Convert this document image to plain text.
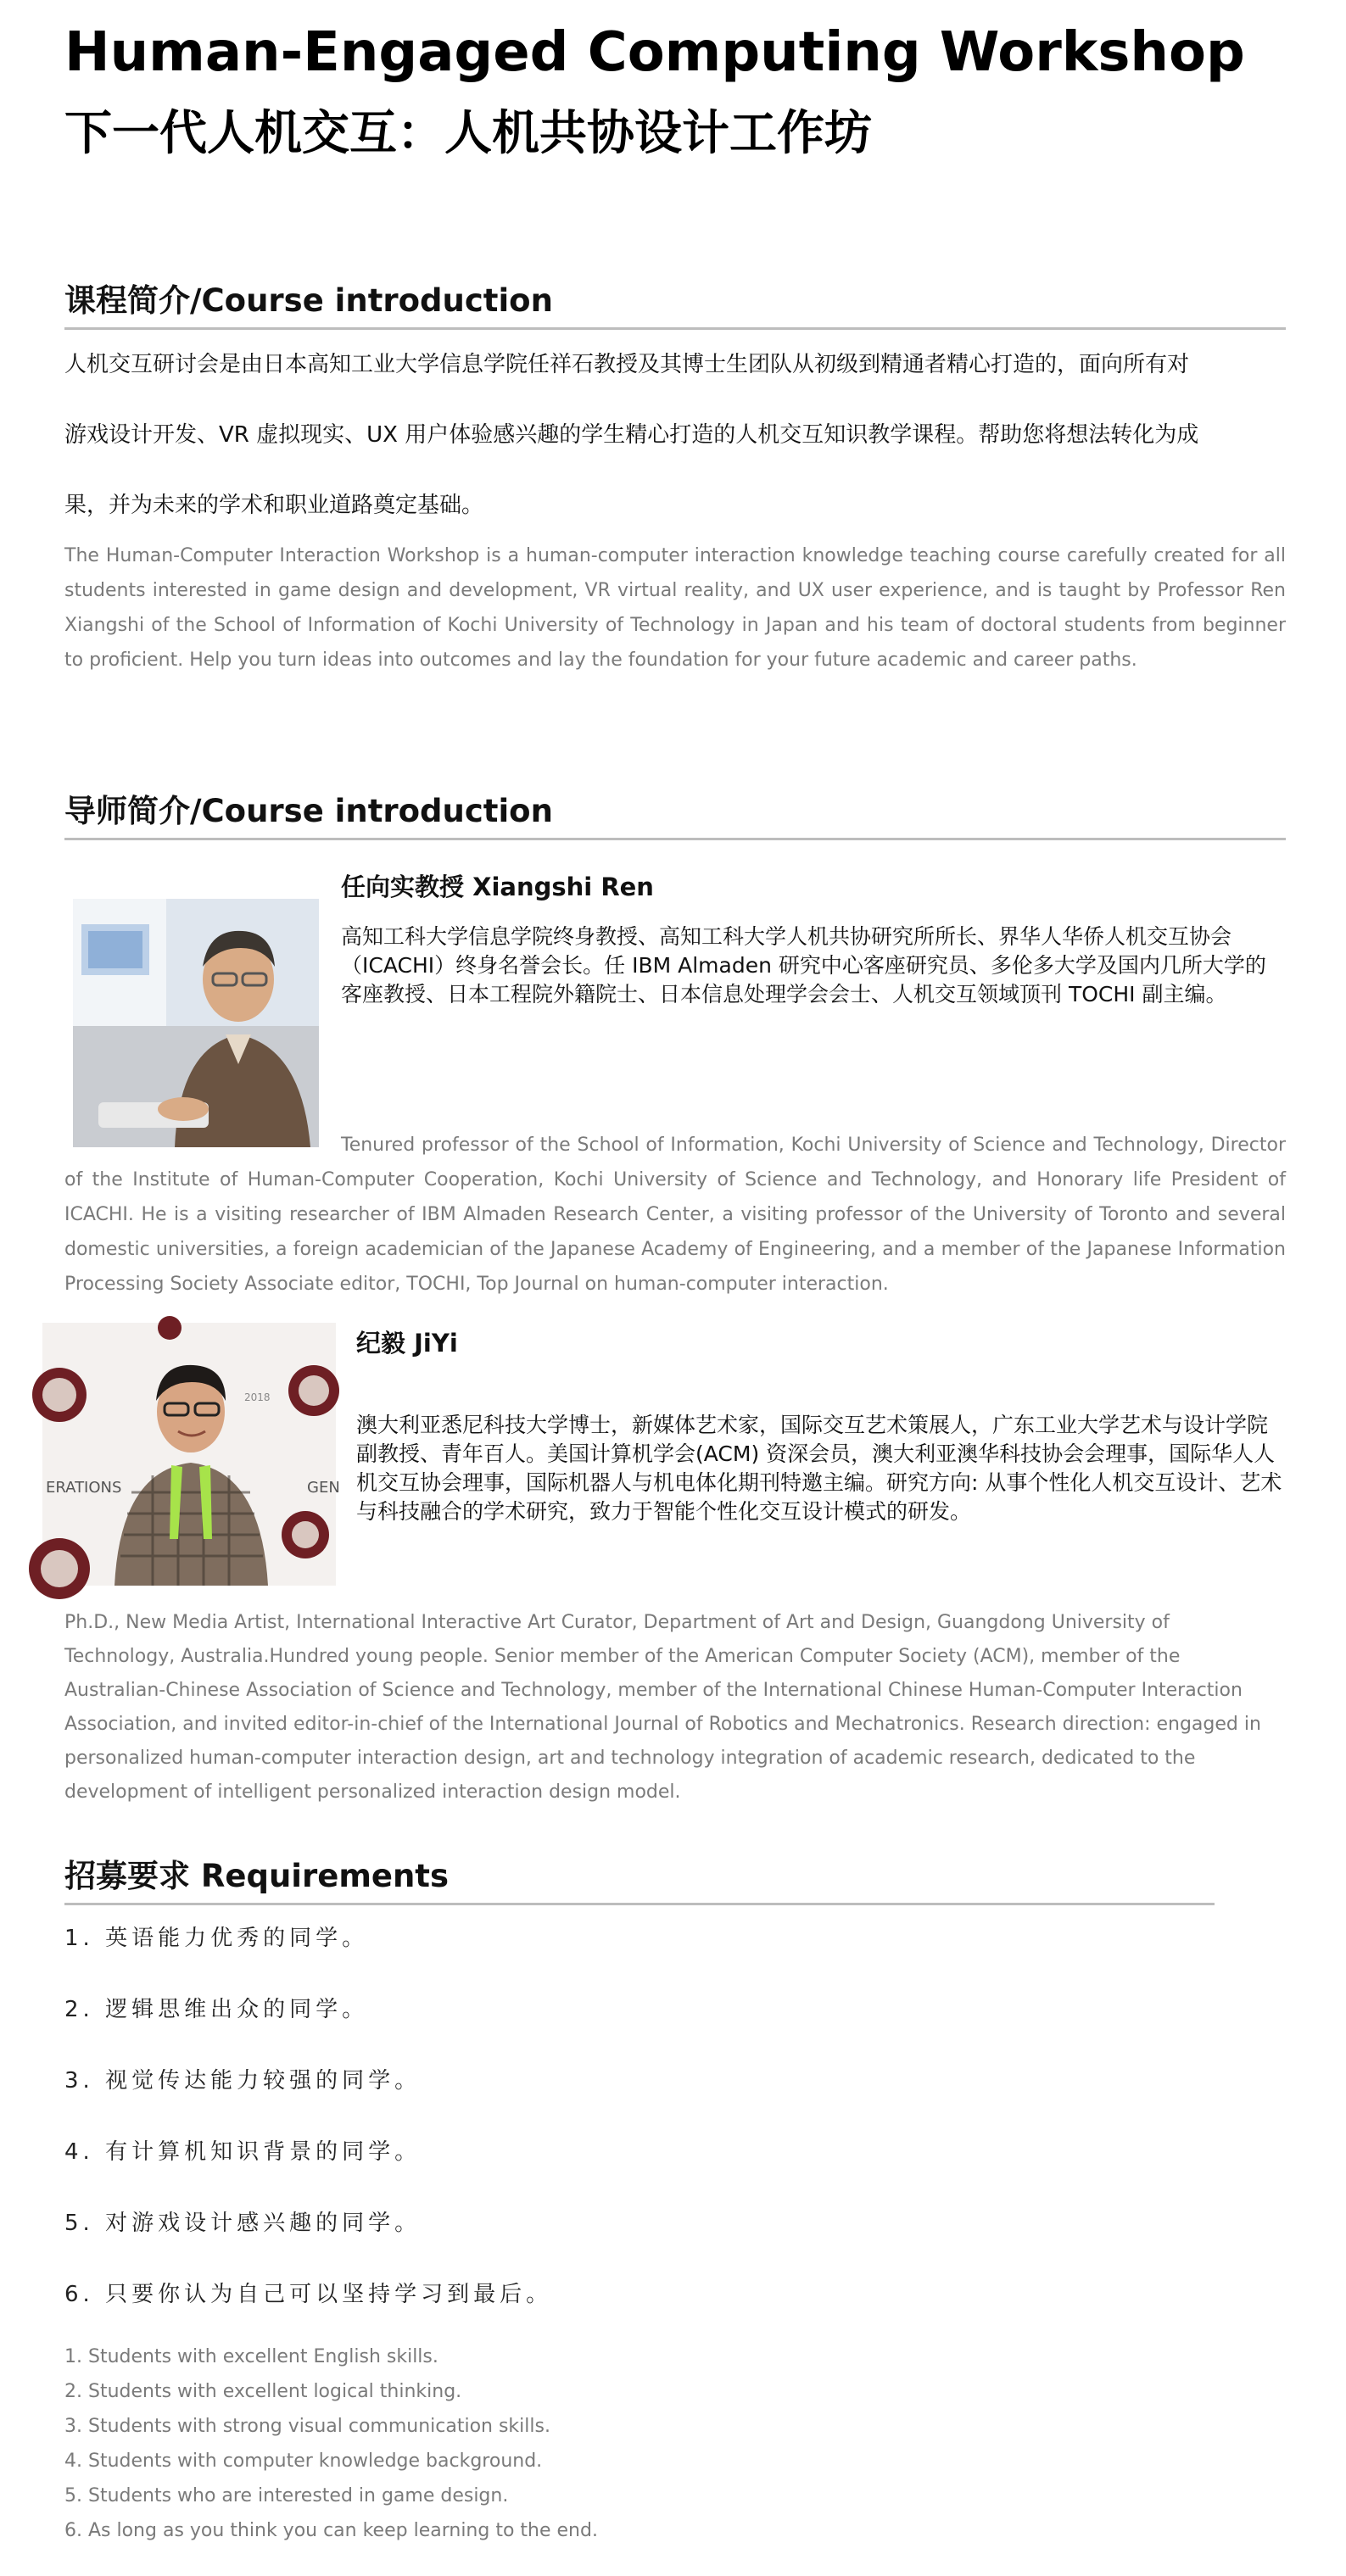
Human-Engaged Computing Workshop
下一代人机交互：人机共协设计工作坊
课程简介/Course introduction

人机交互研讨会是由日本高知工业大学信息学院任祥石教授及其博士生团队从初级到精通者精心打造的，面向所有对
游戏设计开发、VR 虚拟现实、UX 用户体验感兴趣的学生精心打造的人机交互知识教学课程。帮助您将想法转化为成
果，并为未来的学术和职业道路奠定基础。

The Human-Computer Interaction Workshop is a human-computer interaction knowledge teaching course carefully created for all students interested in game design and development, VR virtual reality, and UX user experience, and is taught by Professor Ren Xiangshi of the School of Information of Kochi University of Technology in Japan and his team of doctoral students from beginner to proficient. Help you turn ideas into outcomes and lay the foundation for your future academic and career paths.

导师简介/Course introduction
任向实教授 Xiangshi Ren

高知工科大学信息学院终身教授、高知工科大学人机共协研究所所长、界华人华侨人机交互协会（ICACHI）终身名誉会长。任 IBM Almaden 研究中心客座研究员、多伦多大学及国内几所大学的客座教授、日本工程院外籍院士、日本信息处理学会会士、人机交互领域顶刊 TOCHI 副主编。

Tenured professor of the School of Information, Kochi University of Science and Technology, Director of the Institute of Human-Computer Cooperation, Kochi University of Science and Technology, and Honorary life President of ICACHI. He is a visiting researcher of IBM Almaden Research Center, a visiting professor of the University of Toronto and several domestic universities, a foreign academician of the Japanese Academy of Engineering, and a member of the Japanese Information Processing Society Associate editor, TOCHI, Top Journal on human-computer interaction.
ERATIONS	GEN
2018
纪毅 JiYi

澳大利亚悉尼科技大学博士，新媒体艺术家，国际交互艺术策展人，广东工业大学艺术与设计学院副教授、青年百人。美国计算机学会(ACM) 资深会员，澳大利亚澳华科技协会会理事，国际华人人机交互协会理事，国际机器人与机电体化期刊特邀主编。研究方向: 从事个性化人机交互设计、艺术与科技融合的学术研究，致力于智能个性化交互设计模式的研发。

Ph.D., New Media Artist, International Interactive Art Curator, Department of Art and Design, Guangdong University of Technology, Australia.Hundred young people. Senior member of the American Computer Society (ACM), member of the Australian-Chinese Association of Science and Technology, member of the International Chinese Human-Computer Interaction Association, and invited editor-in-chief of the International Journal of Robotics and Mechatronics. Research direction: engaged in personalized human-computer interaction design, art and technology integration of academic research, dedicated to the development of intelligent personalized interaction design model.

招募要求 Requirements

1. 英语能力优秀的同学。

2. 逻辑思维出众的同学。

3. 视觉传达能力较强的同学。

4. 有计算机知识背景的同学。

5. 对游戏设计感兴趣的同学。

6. 只要你认为自己可以坚持学习到最后。

1. Students with excellent English skills.

2. Students with excellent logical thinking.

3. Students with strong visual communication skills.

4. Students with computer knowledge background.

5. Students who are interested in game design.

6. As long as you think you can keep learning to the end.
